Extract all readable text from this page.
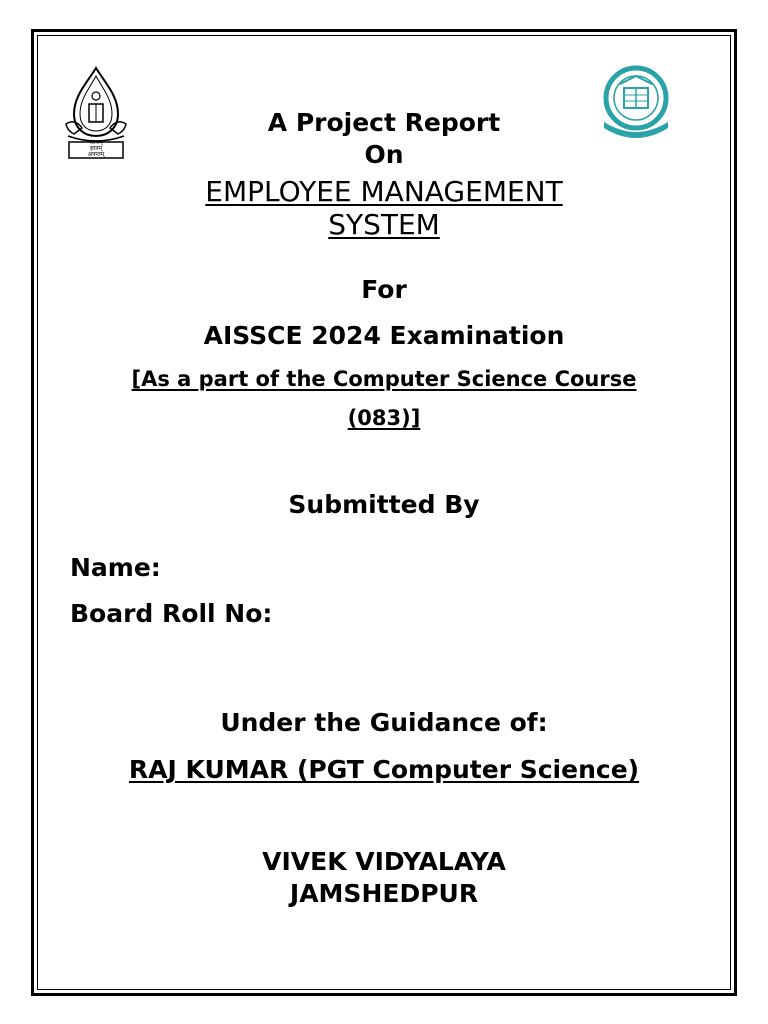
सत्यम्
ज्ञानम्
अनन्तम्
A Project Report
On
EMPLOYEE MANAGEMENT
SYSTEM
For
AISSCE 2024 Examination
[As a part of the Computer Science Course
(083)]
Submitted By
Name:
Board Roll No:
Under the Guidance of:
RAJ KUMAR (PGT Computer Science)
VIVEK VIDYALAYA
JAMSHEDPUR
